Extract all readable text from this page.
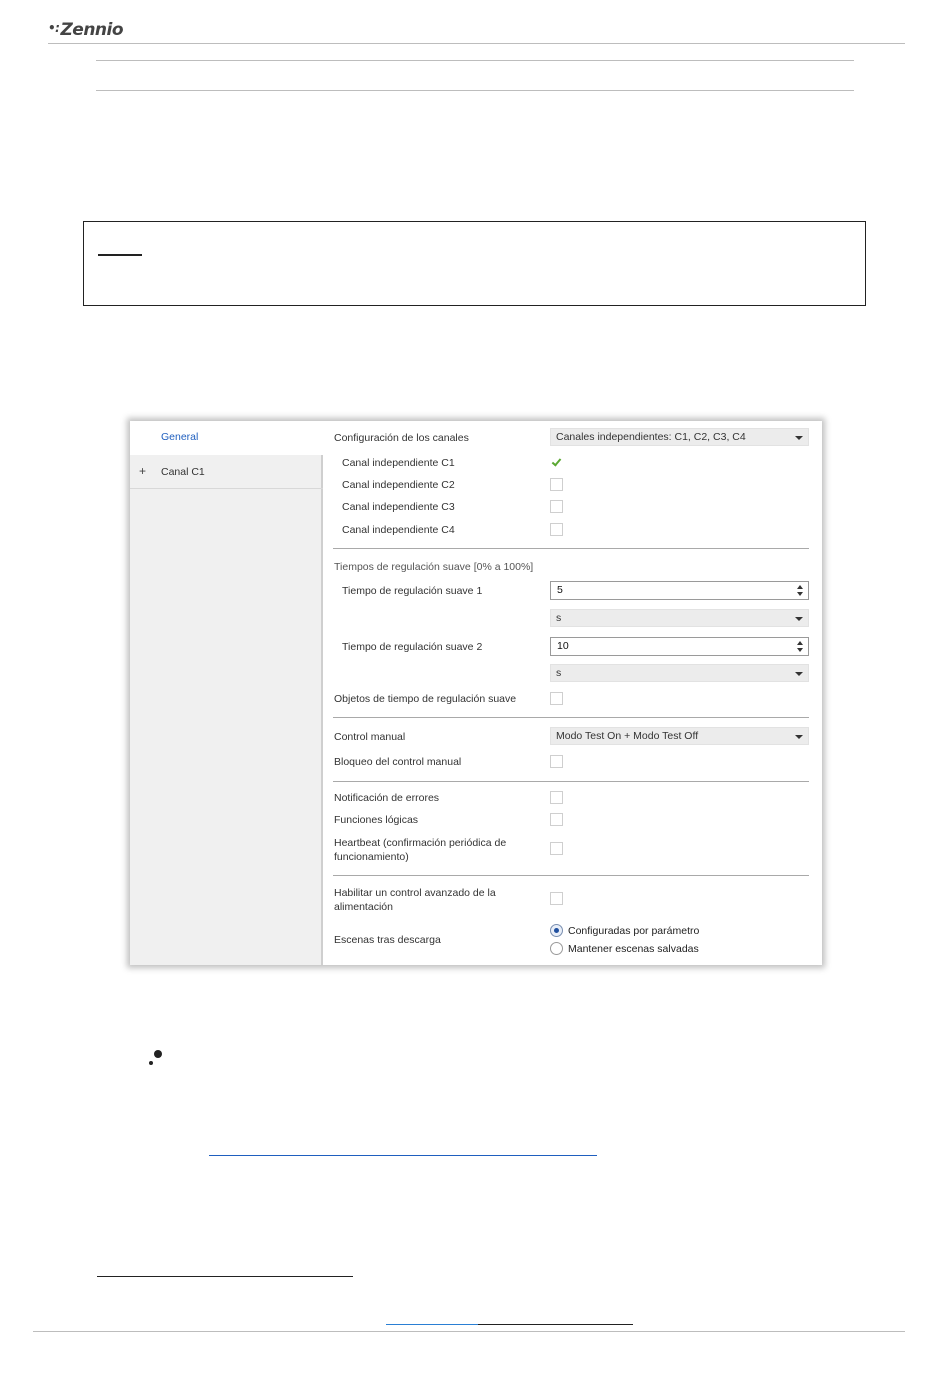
•:Zennio
General
+ Canal C1
Configuración de los canales	Canales independientes: C1, C2, C3, C4
Canal independiente C1
Canal independiente C2
Canal independiente C3
Canal independiente C4
Tiempos de regulación suave [0% a 100%]
Tiempo de regulación suave 1	5
s
Tiempo de regulación suave 2	10
s
Objetos de tiempo de regulación suave
Control manual	Modo Test On + Modo Test Off
Bloqueo del control manual
Notificación de errores
Funciones lógicas
Heartbeat (confirmación periódica de
funcionamiento)
Habilitar un control avanzado de la
alimentación
Escenas tras descarga
Configuradas por parámetro
Mantener escenas salvadas
